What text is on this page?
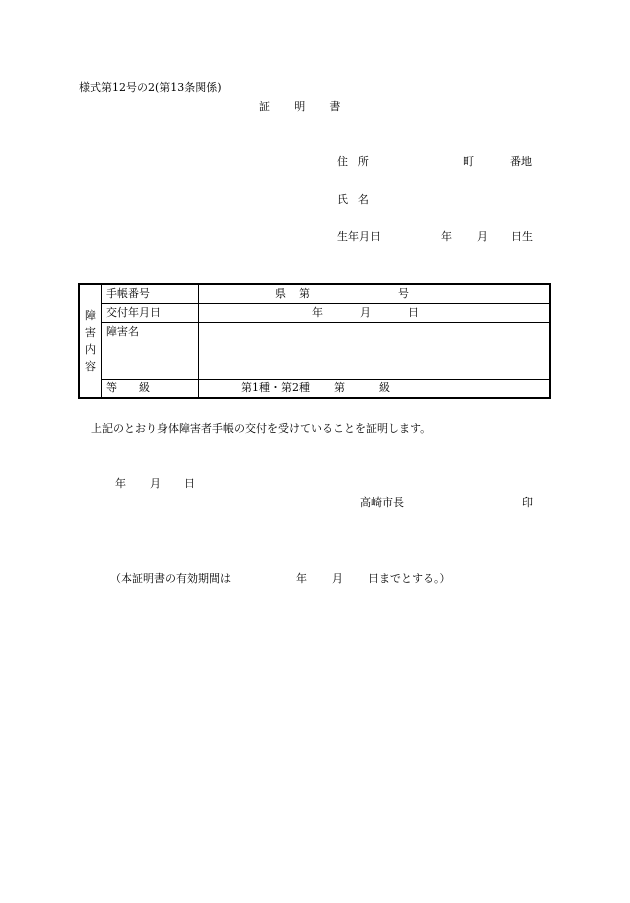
様式第12号の2(第13条関係)
証明書
住所	町	番地
氏名
生年月日	年 月 日生
障
害
内
容	手帳番号	県 第 号
	交付年月日	年 月 日
	障害名	
	等級	第1種・第2種 第 級
上記のとおり身体障害者手帳の交付を受けていることを証明します。
年 月 日
高崎市長	印
（本証明書の有効期間は	年 月 日までとする。）
